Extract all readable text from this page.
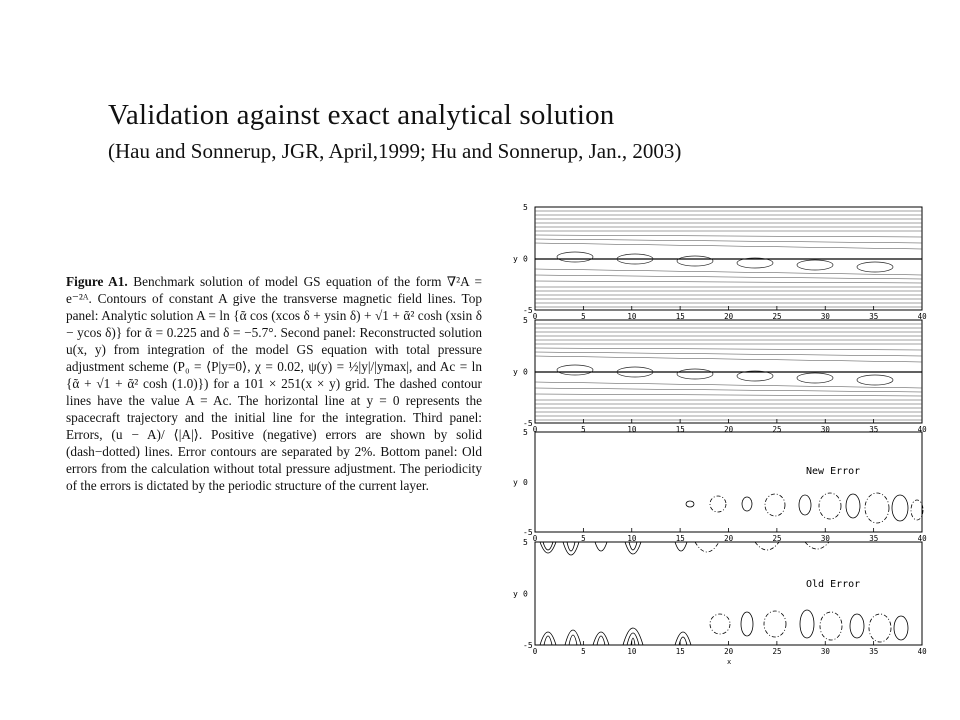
Validation against exact analytical solution
(Hau and Sonnerup, JGR, April,1999; Hu and Sonnerup, Jan., 2003)
Figure A1. Benchmark solution of model GS equation of the form ∇²A = e⁻²ᴬ. Contours of constant A give the transverse magnetic field lines. Top panel: Analytic solution A = ln {ᾶ cos (xcos δ + ysin δ) + √1 + ᾶ² cosh (xsin δ − ycos δ)} for ᾶ = 0.225 and δ = −5.7°. Second panel: Reconstructed solution u(x, y) from integration of the model GS equation with total pressure adjustment scheme (P₀ = ⟨P|y=0⟩, χ = 0.02, ψ(y) = ½|y|/|ymax|, and Ac = ln {ᾶ + √1 + ᾶ² cosh (1.0)}) for a 101 × 251(x × y) grid. The dashed contour lines have the value A = Ac. The horizontal line at y = 0 represents the spacecraft trajectory and the initial line for the integration. Third panel: Errors, (u − A)/ ⟨|A|⟩. Positive (negative) errors are shown by solid (dash−dotted) lines. Error contours are separated by 2%. Bottom panel: Old errors from the calculation without total pressure adjustment. The periodicity of the errors is dictated by the periodic structure of the current layer.
New Error
Old Error
5
0
-5
5
0
-5
5
0
-5
5
0
-5
0	5	10	15	20	25	30	35	40
0	5	10	15	20	25	30	35	40
0	5	10	15	20	25	30	35	40
0	5	10	15	20	25	30	35	40
y
y
y
y
x
